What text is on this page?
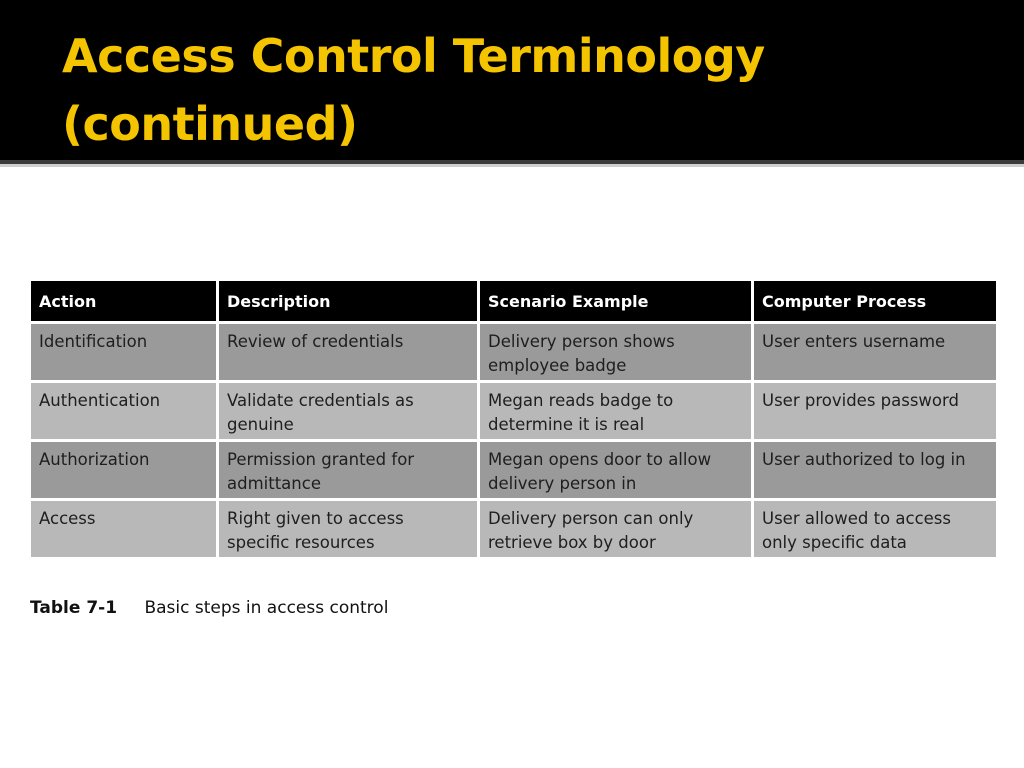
Access Control Terminology
(continued)
Action	Description	Scenario Example	Computer Process
Identification	Review of credentials	Delivery person shows employee badge	User enters username
Authentication	Validate credentials as genuine	Megan reads badge to determine it is real	User provides password
Authorization	Permission granted for admittance	Megan opens door to allow delivery person in	User authorized to log in
Access	Right given to access specific resources	Delivery person can only retrieve box by door	User allowed to access only specific data
Table 7-1 Basic steps in access control
